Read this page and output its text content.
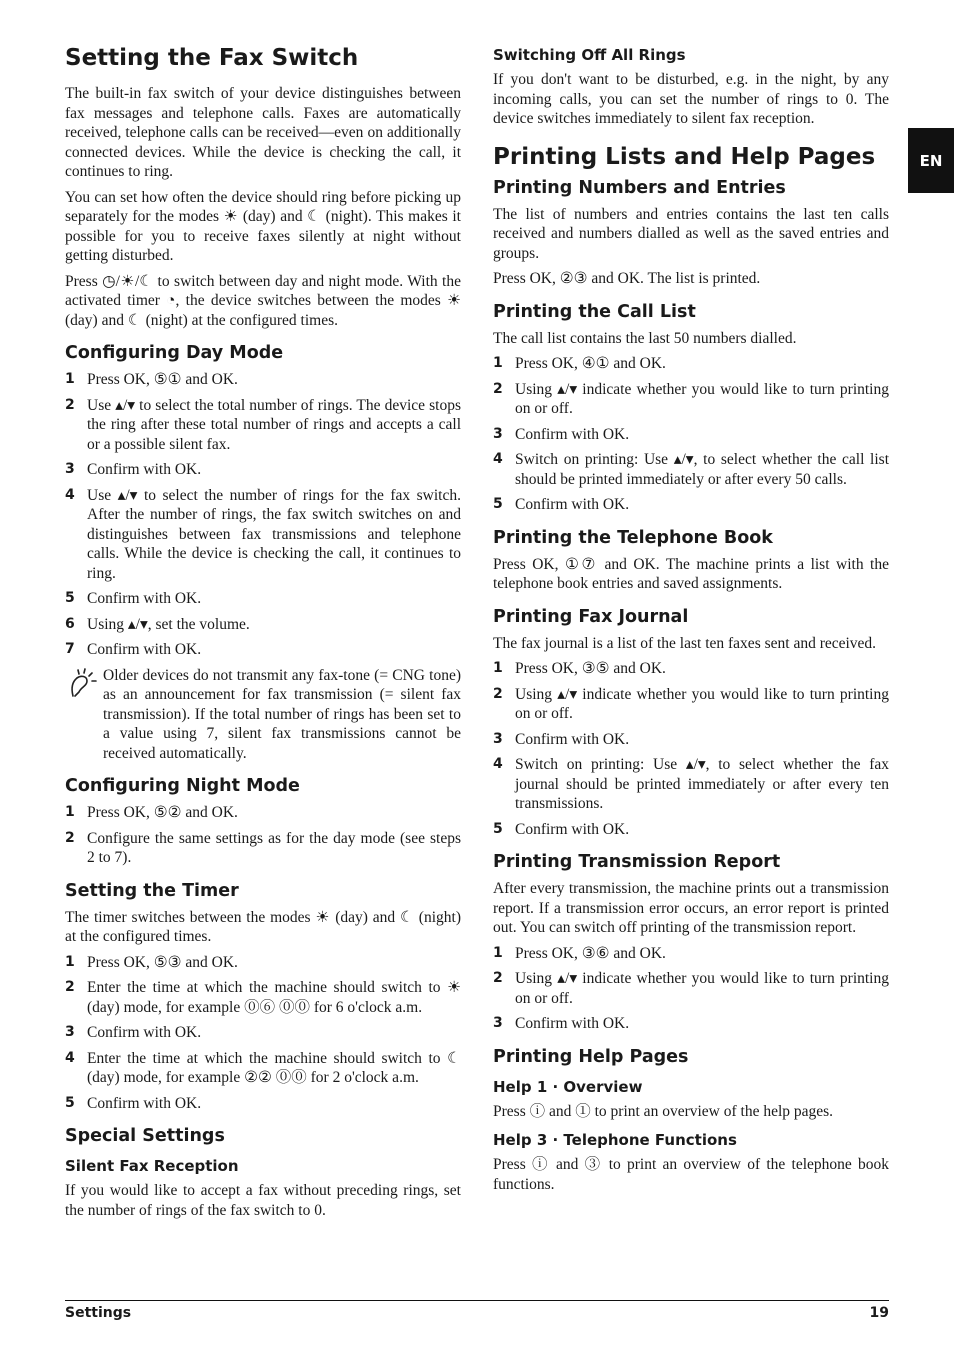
Setting the Fax Switch

The built-in fax switch of your device distinguishes between fax messages and telephone calls. Faxes are automatically received, telephone calls can be received—even on additionally connected devices. While the device is checking the call, it continues to ring.

You can set how often the device should ring before picking up separately for the modes ☀ (day) and ☾ (night). This makes it possible for you to receive faxes silently at night without getting disturbed.

Press ◷/☀/☾ to switch between day and night mode. With the activated timer ◔, the device switches between the modes ☀ (day) and ☾ (night) at the configured times.

Configuring Day Mode
1 Press OK, ⑤① and OK.
2 Use ▴/▾ to select the total number of rings. The device stops the ring after these total number of rings and accepts a call or a possible silent fax.
3 Confirm with OK.
4 Use ▴/▾ to select the number of rings for the fax switch. After the number of rings, the fax switch switches on and distinguishes between fax transmissions and telephone calls. While the device is checking the call, it continues to ring.
5 Confirm with OK.
6 Using ▴/▾, set the volume.
7 Confirm with OK.
Older devices do not transmit any fax-tone (= CNG tone) as an announcement for fax transmission (= silent fax transmission). If the total number of rings has been set to a value using 7, silent fax transmissions cannot be received automatically.
Configuring Night Mode
1 Press OK, ⑤② and OK.
2 Configure the same settings as for the day mode (see steps 2 to 7).
Setting the Timer

The timer switches between the modes ☀ (day) and ☾ (night) at the configured times.

1 Press OK, ⑤③ and OK.
2 Enter the time at which the machine should switch to ☀ (day) mode, for example ⓪⑥ ⓪⓪ for 6 o'clock a.m.
3 Confirm with OK.
4 Enter the time at which the machine should switch to ☾ (day) mode, for example ②② ⓪⓪ for 2 o'clock a.m.
5 Confirm with OK.
Special Settings
Silent Fax Reception

If you would like to accept a fax without preceding rings, set the number of rings of the fax switch to 0.

Switching Off All Rings

If you don't want to be disturbed, e.g. in the night, by any incoming calls, you can set the number of rings to 0. The device switches immediately to silent fax reception.

Printing Lists and Help Pages
Printing Numbers and Entries

The list of numbers and entries contains the last ten calls received and numbers dialled as well as the saved entries and groups.

Press OK, ②③ and OK. The list is printed.

Printing the Call List

The call list contains the last 50 numbers dialled.

1 Press OK, ④① and OK.
2 Using ▴/▾ indicate whether you would like to turn printing on or off.
3 Confirm with OK.
4 Switch on printing: Use ▴/▾, to select whether the call list should be printed immediately or after every 50 calls.
5 Confirm with OK.
Printing the Telephone Book

Press OK, ①⑦ and OK. The machine prints a list with the telephone book entries and saved assignments.

Printing Fax Journal

The fax journal is a list of the last ten faxes sent and received.

1 Press OK, ③⑤ and OK.
2 Using ▴/▾ indicate whether you would like to turn printing on or off.
3 Confirm with OK.
4 Switch on printing: Use ▴/▾, to select whether the fax journal should be printed immediately or after every ten transmissions.
5 Confirm with OK.
Printing Transmission Report

After every transmission, the machine prints out a transmission report. If a transmission error occurs, an error report is printed out. You can switch off printing of the transmission report.

1 Press OK, ③⑥ and OK.
2 Using ▴/▾ indicate whether you would like to turn printing on or off.
3 Confirm with OK.
Printing Help Pages
Help 1 · Overview

Press ⓘ and ① to print an overview of the help pages.

Help 3 · Telephone Functions

Press ⓘ and ③ to print an overview of the telephone book functions.

EN
Settings	19
